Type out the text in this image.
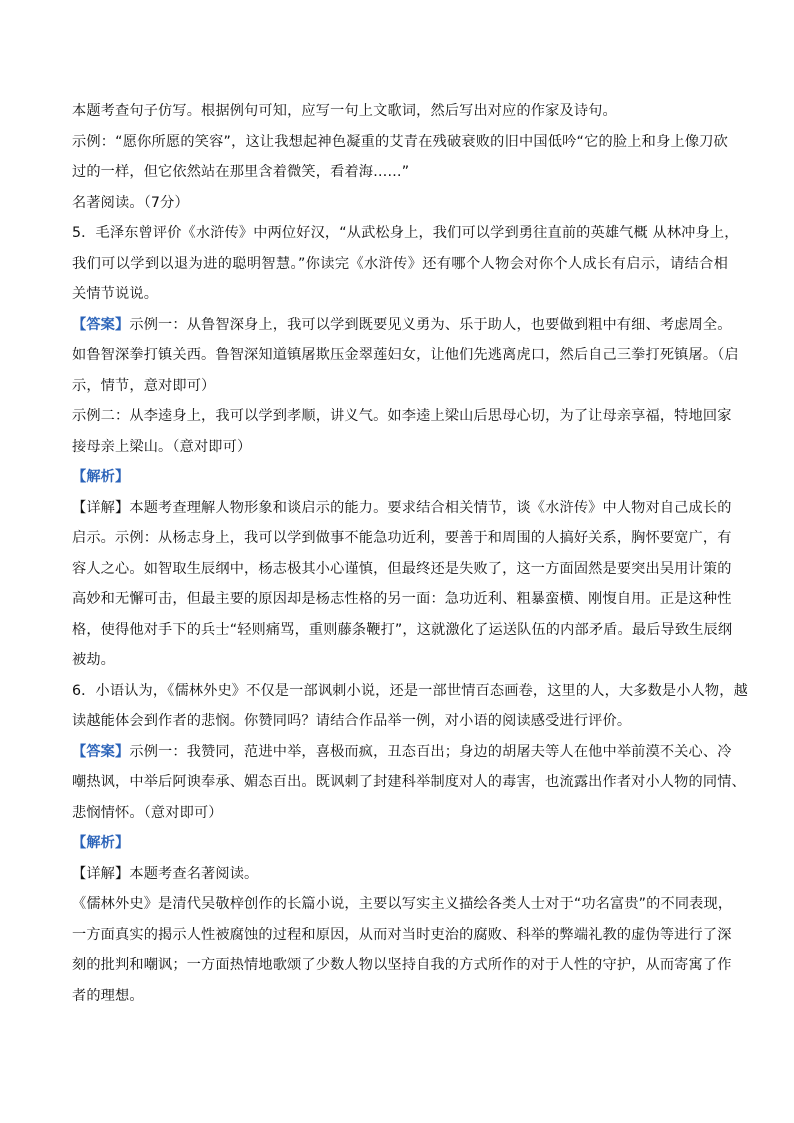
本题考查句子仿写。根据例句可知，应写一句上文歌词，然后写出对应的作家及诗句。
示例：“愿你所愿的笑容”，这让我想起神色凝重的艾青在残破衰败的旧中国低吟“它的脸上和身上像刀砍
过的一样，但它依然站在那里含着微笑，看着海……”
名著阅读。（7分）
5．毛泽东曾评价《水浒传》中两位好汉，“从武松身上，我们可以学到勇往直前的英雄气概 从林冲身上，
我们可以学到以退为进的聪明智慧。”你读完《水浒传》还有哪个人物会对你个人成长有启示，请结合相
关情节说说。
【答案】示例一：从鲁智深身上，我可以学到既要见义勇为、乐于助人，也要做到粗中有细、考虑周全。
如鲁智深拳打镇关西。鲁智深知道镇屠欺压金翠莲妇女，让他们先逃离虎口，然后自己三拳打死镇屠。（启
示，情节，意对即可）
示例二：从李逵身上，我可以学到孝顺，讲义气。如李逵上梁山后思母心切，为了让母亲享福，特地回家
接母亲上梁山。（意对即可）
【解析】
【详解】本题考查理解人物形象和谈启示的能力。要求结合相关情节，谈《水浒传》中人物对自己成长的
启示。示例：从杨志身上，我可以学到做事不能急功近利，要善于和周围的人搞好关系，胸怀要宽广，有
容人之心。如智取生辰纲中，杨志极其小心谨慎，但最终还是失败了，这一方面固然是要突出吴用计策的
高妙和无懈可击，但最主要的原因却是杨志性格的另一面：急功近利、粗暴蛮横、刚愎自用。正是这种性
格，使得他对手下的兵士“轻则痛骂，重则藤条鞭打”，这就激化了运送队伍的内部矛盾。最后导致生辰纲
被劫。
6．小语认为，《儒林外史》不仅是一部讽刺小说，还是一部世情百态画卷，这里的人，大多数是小人物，越
读越能体会到作者的悲悯。你赞同吗？请结合作品举一例，对小语的阅读感受进行评价。
【答案】示例一：我赞同，范进中举，喜极而疯，丑态百出；身边的胡屠夫等人在他中举前漠不关心、冷
嘲热讽，中举后阿谀奉承、媚态百出。既讽刺了封建科举制度对人的毒害，也流露出作者对小人物的同情、
悲悯情怀。（意对即可）
【解析】
【详解】本题考查名著阅读。
《儒林外史》是清代吴敬梓创作的长篇小说，主要以写实主义描绘各类人士对于“功名富贵”的不同表现，
一方面真实的揭示人性被腐蚀的过程和原因，从而对当时吏治的腐败、科举的弊端礼教的虚伪等进行了深
刻的批判和嘲讽；一方面热情地歌颂了少数人物以坚持自我的方式所作的对于人性的守护，从而寄寓了作
者的理想。
